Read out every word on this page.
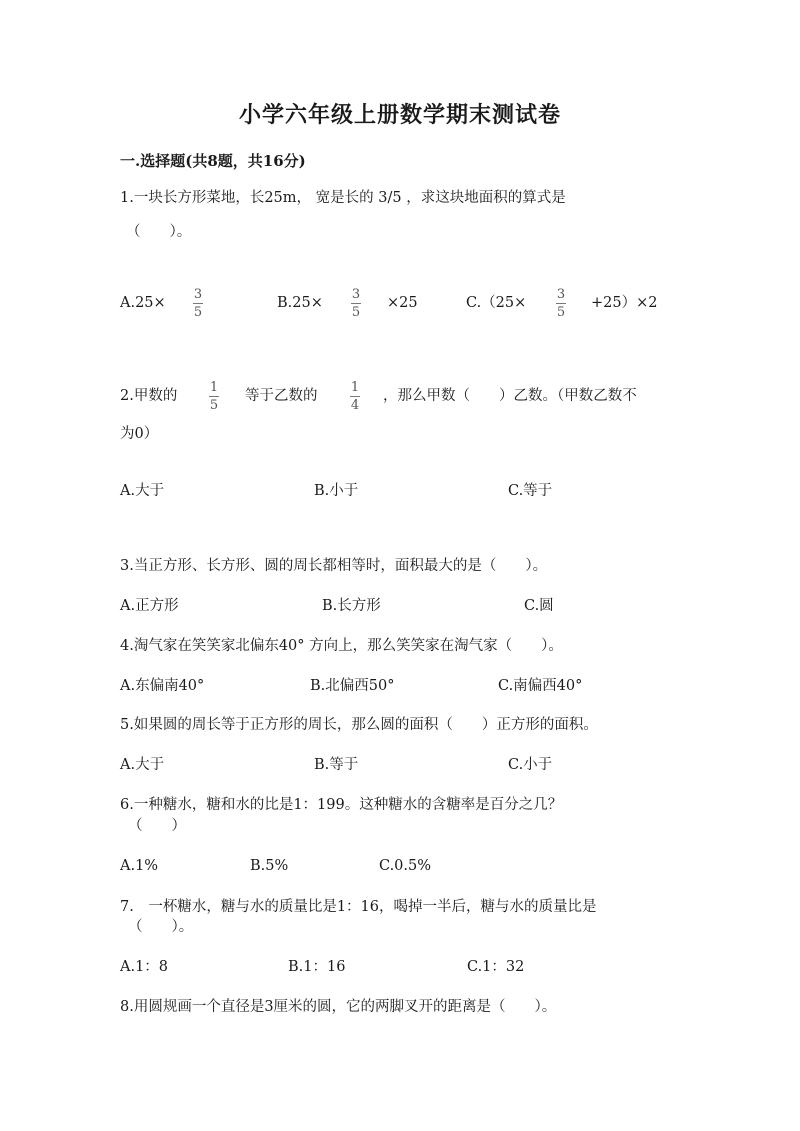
小学六年级上册数学期末测试卷
一.选择题(共8题，共16分)
1.一块长方形菜地，长25m， 宽是长的 3/5 ，求这块地面积的算式是
（　　）。
A.25×
3
5
B.25×
3
5
×25	C.（25×
3
5
+25）×2
2.甲数的
1
5
等于乙数的
1
4
，那么甲数（　　）乙数。（甲数乙数不
为0）
A.大于	B.小于	C.等于
3.当正方形、长方形、圆的周长都相等时，面积最大的是（　　）。
A.正方形	B.长方形	C.圆
4.淘气家在笑笑家北偏东40° 方向上，那么笑笑家在淘气家（　　）。
A.东偏南40°	B.北偏西50°	C.南偏西40°
5.如果圆的周长等于正方形的周长，那么圆的面积（　　）正方形的面积。
A.大于	B.等于	C.小于
6.一种糖水，糖和水的比是1：199。这种糖水的含糖率是百分之几？
（　　）
A.1%	B.5%	C.0.5%
7.　一杯糖水，糖与水的质量比是1：16，喝掉一半后，糖与水的质量比是
（　　）。
A.1：8	B.1：16	C.1：32
8.用圆规画一个直径是3厘米的圆，它的两脚叉开的距离是（　　）。
